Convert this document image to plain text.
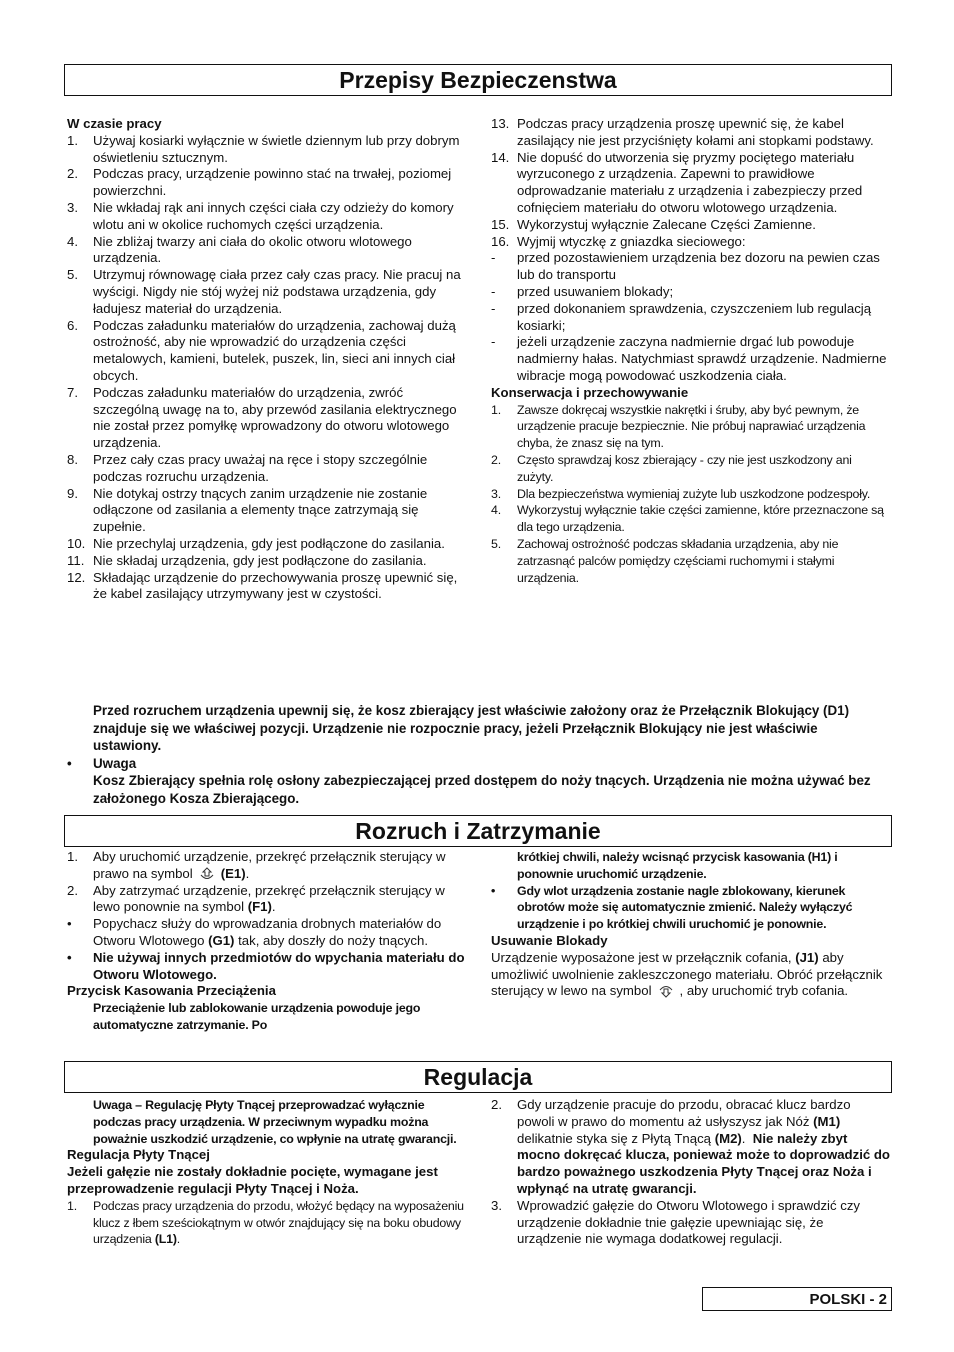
Przepisy Bezpieczenstwa
W czasie pracy
1.	Używaj kosiarki wyłącznie w świetle dziennym lub przy dobrym oświetleniu sztucznym.
2.	Podczas pracy, urządzenie powinno stać na trwałej, poziomej powierzchni.
3.	Nie wkładaj rąk ani innych części ciała czy odzieży do komory wlotu ani w okolice ruchomych części urządzenia.
4.	Nie zbliżaj twarzy ani ciała do okolic otworu wlotowego urządzenia.
5.	Utrzymuj równowagę ciała przez cały czas pracy. Nie pracuj na wyścigi. Nigdy nie stój wyżej niż podstawa urządzenia, gdy ładujesz materiał do urządzenia.
6.	Podczas załadunku materiałów do urządzenia, zachowaj dużą ostrożność, aby nie wprowadzić do urządzenia części metalowych, kamieni, butelek, puszek, lin, sieci ani innych ciał obcych.
7.	Podczas załadunku materiałów do urządzenia, zwróć szczególną uwagę na to, aby przewód zasilania elektrycznego nie został przez pomyłkę wprowadzony do otworu wlotowego urządzenia.
8.	Przez cały czas pracy uważaj na ręce i stopy szczególnie podczas rozruchu urządzenia.
9.	Nie dotykaj ostrzy tnących zanim urządzenie nie zostanie odłączone od zasilania a elementy tnące zatrzymają się zupełnie.
10. Nie przechylaj urządzenia, gdy jest podłączone do zasilania.
11. Nie składaj urządzenia, gdy jest podłączone do zasilania.
12. Składając urządzenie do przechowywania proszę upewnić się, że kabel zasilający utrzymywany jest w czystości.
13. Podczas pracy urządzenia proszę upewnić się, że kabel zasilający nie jest przyciśnięty kołami ani stopkami podstawy.
14. Nie dopuść do utworzenia się pryzmy pociętego materiału wyrzuconego z urządzenia. Zapewni to prawidłowe odprowadzanie materiału z urządzenia i zabezpieczy przed cofnięciem materiału do otworu wlotowego urządzenia.
15. Wykorzystuj wyłącznie Zalecane Części Zamienne.
16. Wyjmij wtyczkę z gniazdka sieciowego:
-	przed pozostawieniem urządzenia bez dozoru na pewien czas lub do transportu
-	przed usuwaniem blokady;
-	przed dokonaniem sprawdzenia, czyszczeniem lub regulacją kosiarki;
-	jeżeli urządzenie zaczyna nadmiernie drgać lub powoduje nadmierny hałas. Natychmiast sprawdź urządzenie. Nadmierne wibracje mogą powodować uszkodzenia ciała.
Konserwacja i przechowywanie
1.	Zawsze dokręcaj wszystkie nakrętki i śruby, aby być pewnym, że urządzenie pracuje bezpiecznie. Nie próbuj naprawiać urządzenia chyba, że znasz się na tym.
2.	Często sprawdzaj kosz zbierający - czy nie jest uszkodzony ani zużyty.
3.	Dla bezpieczeństwa wymieniaj zużyte lub uszkodzone podzespoły.
4.	Wykorzystuj wyłącznie takie części zamienne, które przeznaczone są dla tego urządzenia.
5.	Zachowaj ostrożność podczas składania urządzenia, aby nie zatrzasnąć palców pomiędzy częściami ruchomymi i stałymi urządzenia.
Przed rozruchem urządzenia upewnij się, że kosz zbierający jest właściwie założony oraz że Przełącznik Blokujący (D1) znajduje się we właściwej pozycji. Urządzenie nie rozpocznie pracy, jeżeli Przełącznik Blokujący nie jest właściwie ustawiony.
•	Uwaga
Kosz Zbierający spełnia rolę osłony zabezpieczającej przed dostępem do noży tnących. Urządzenia nie można używać bez założonego Kosza Zbierającego.
Rozruch i Zatrzymanie
1.	Aby uruchomić urządzenie, przekręć przełącznik sterujący w prawo na symbol (E1).
2.	Aby zatrzymać urządzenie, przekręć przełącznik sterujący w lewo ponownie na symbol (F1).
•	Popychacz służy do wprowadzania drobnych materiałów do Otworu Wlotowego (G1) tak, aby doszły do noży tnących.
•	Nie używaj innych przedmiotów do wpychania materiału do Otworu Wlotowego.
Przycisk Kasowania Przeciążenia
Przeciążenie lub zablokowanie urządzenia powoduje jego automatyczne zatrzymanie. Po
krótkiej chwili, należy wcisnąć przycisk kasowania (H1) i ponownie uruchomić urządzenie.
•	Gdy wlot urządzenia zostanie nagle zblokowany, kierunek obrotów może się automatycznie zmienić. Należy wyłączyć urządzenie i po krótkiej chwili uruchomić je ponownie.
Usuwanie Blokady
Urządzenie wyposażone jest w przełącznik cofania, (J1) aby umożliwić uwolnienie zakleszczonego materiału. Obróć przełącznik sterujący w lewo na symbol , aby uruchomić tryb cofania.
Regulacja
Uwaga – Regulację Płyty Tnącej przeprowadzać wyłącznie podczas pracy urządzenia. W przeciwnym wypadku można poważnie uszkodzić urządzenie, co wpłynie na utratę gwarancji.
Regulacja Płyty Tnącej
Jeżeli gałęzie nie zostały dokładnie pocięte, wymagane jest przeprowadzenie regulacji Płyty Tnącej i Noża.
1.	Podczas pracy urządzenia do przodu, włożyć będący na wyposażeniu klucz z łbem sześciokątnym w otwór znajdujący się na boku obudowy urządzenia (L1).
2.	Gdy urządzenie pracuje do przodu, obracać klucz bardzo powoli w prawo do momentu aż usłyszysz jak Nóż (M1) delikatnie styka się z Płytą Tnącą (M2). Nie należy zbyt mocno dokręcać klucza, ponieważ może to doprowadzić do bardzo poważnego uszkodzenia Płyty Tnącej oraz Noża i wpłynąć na utratę gwarancji.
3.	Wprowadzić gałęzie do Otworu Wlotowego i sprawdzić czy urządzenie dokładnie tnie gałęzie upewniając się, że urządzenie nie wymaga dodatkowej regulacji.
POLSKI - 2
